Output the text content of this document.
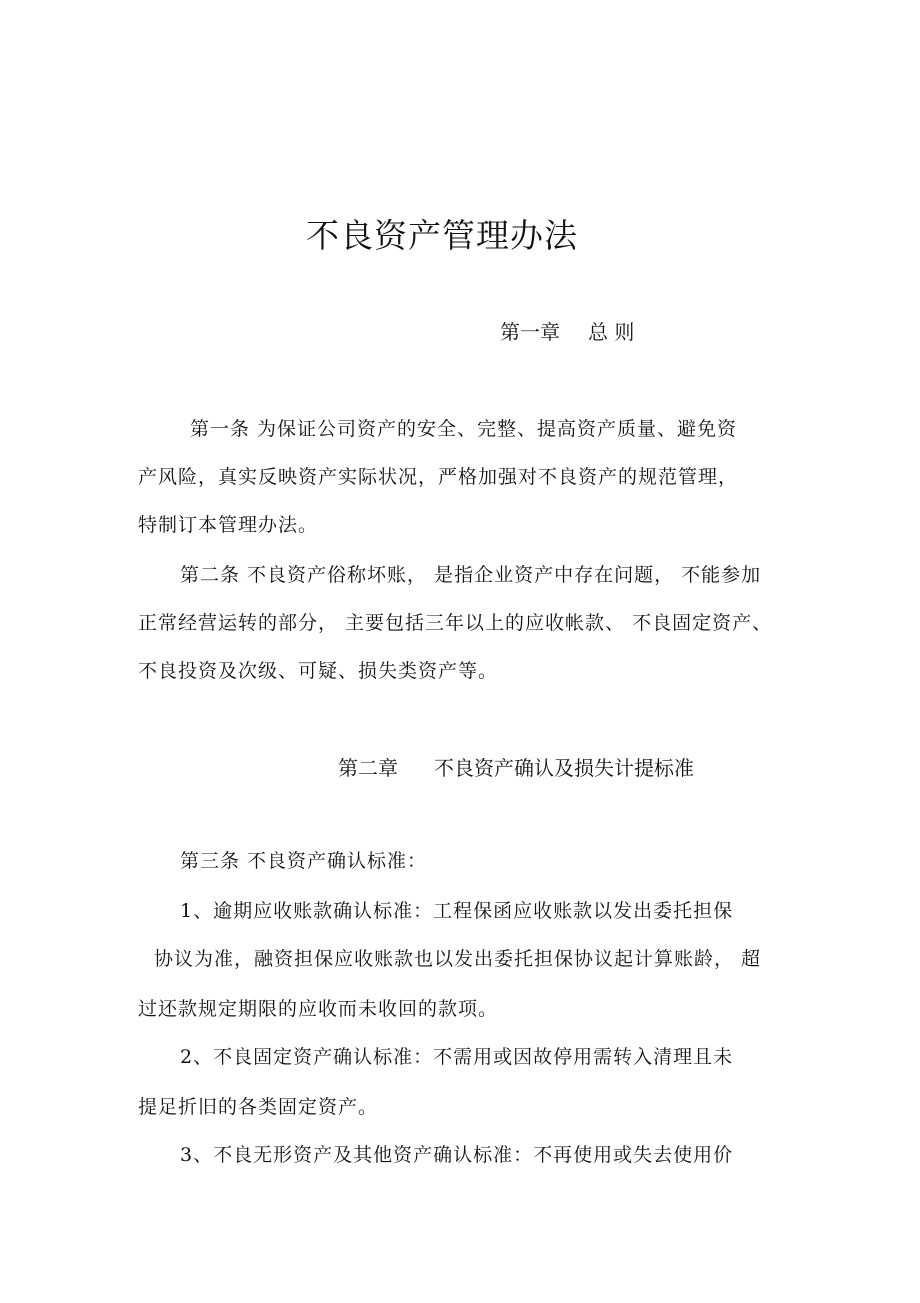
不良资产管理办法
第一章 总 则
第一条 为保证公司资产的安全、完整、提高资产质量、避免资
产风险，真实反映资产实际状况，严格加强对不良资产的规范管理，
特制订本管理办法。
第二条 不良资产俗称坏账， 是指企业资产中存在问题， 不能参加
正常经营运转的部分， 主要包括三年以上的应收帐款、 不良固定资产、
不良投资及次级、可疑、损失类资产等。
第二章 不良资产确认及损失计提标准
第三条 不良资产确认标准：
1、逾期应收账款确认标准：工程保函应收账款以发出委托担保
协议为准，融资担保应收账款也以发出委托担保协议起计算账龄， 超
过还款规定期限的应收而未收回的款项。
2、不良固定资产确认标准：不需用或因故停用需转入清理且未
提足折旧的各类固定资产。
3、不良无形资产及其他资产确认标准：不再使用或失去使用价
